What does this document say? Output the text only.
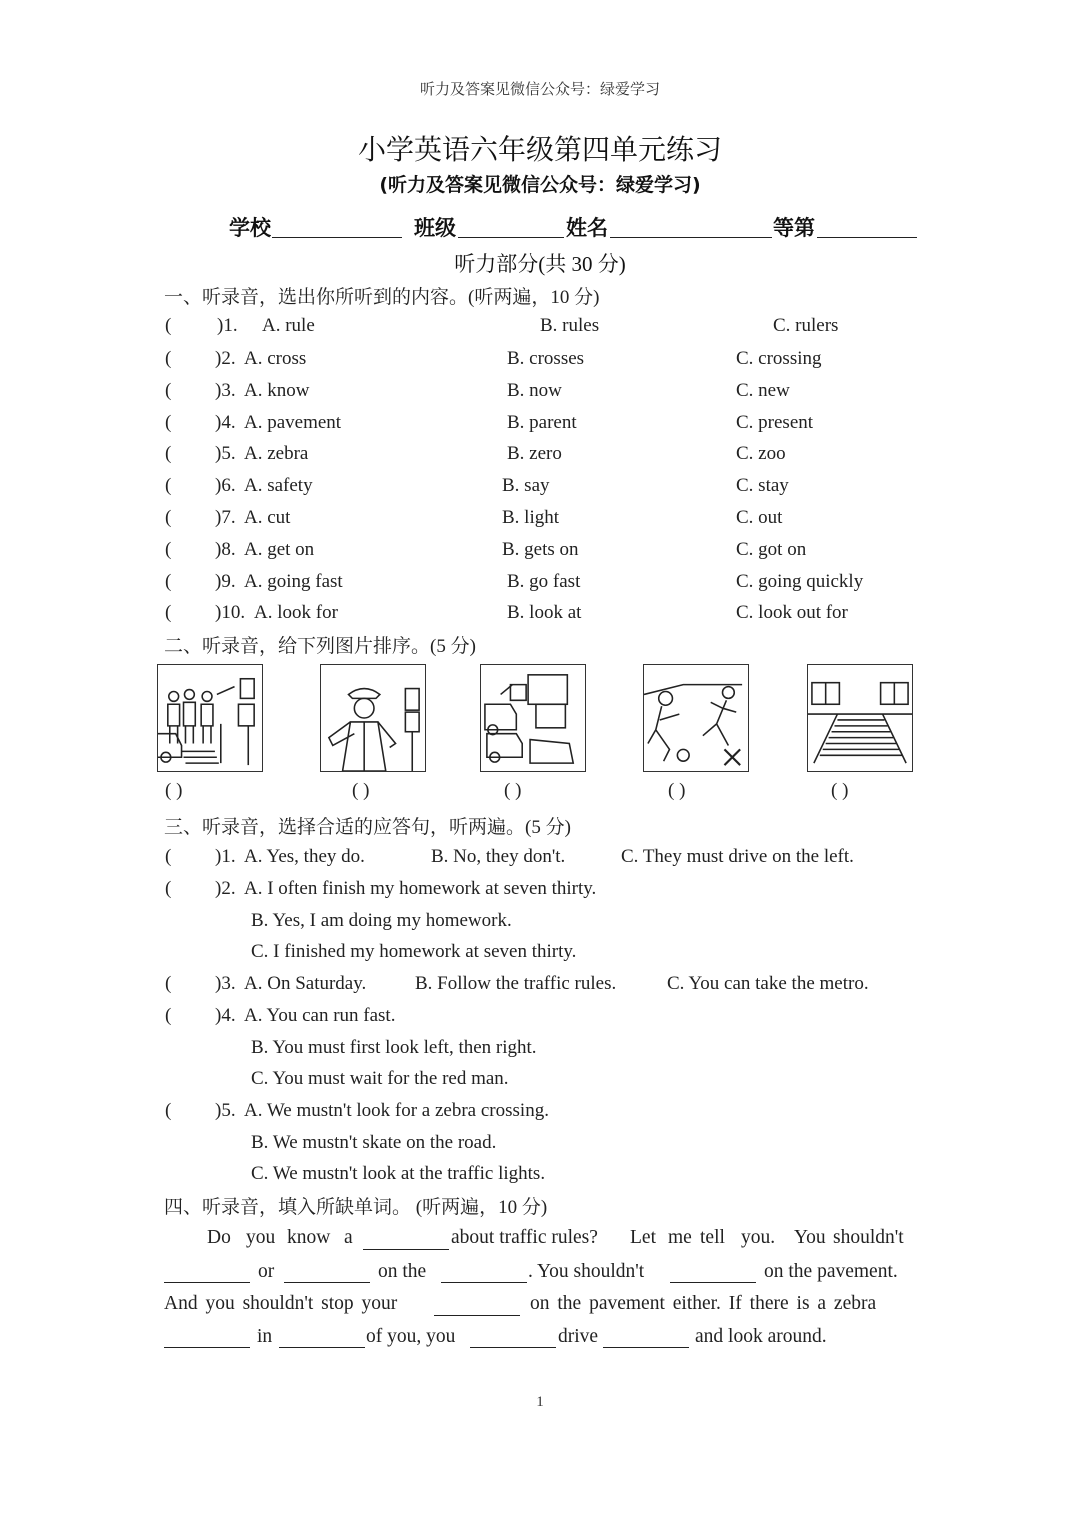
听力及答案见微信公众号：绿爱学习
小学英语六年级第四单元练习
(听力及答案见微信公众号：绿爱学习)
学校	班级	姓名	等第
听力部分(共 30 分)
一、听录音，选出你所听到的内容。(听两遍，10 分)
( )1. A. rule	B. rules	C. rulers
( )2. A. cross	B. crosses	C. crossing
( )3. A. know	B. now	C. new
( )4. A. pavement	B. parent	C. present
( )5. A. zebra	B. zero	C. zoo
( )6. A. safety	B. say	C. stay
( )7. A. cut	B. light	C. out
( )8. A. get on	B. gets on	C. got on
( )9. A. going fast	B. go fast	C. going quickly
( )10. A. look for	B. look at	C. look out for
二、听录音，给下列图片排序。(5 分)
( )	( )	( )	( )	( )
三、听录音，选择合适的应答句，听两遍。(5 分)
( )1. A. Yes, they do.	B. No, they don't.	C. They must drive on the left.
( )2. A. I often finish my homework at seven thirty.
B. Yes, I am doing my homework.
C. I finished my homework at seven thirty.
( )3. A. On Saturday.	B. Follow the traffic rules.	C. You can take the metro.
( )4. A. You can run fast.
B. You must first look left, then right.
C. You must wait for the red man.
( )5. A. We mustn't look for a zebra crossing.
B. We mustn't skate on the road.
C. We mustn't look at the traffic lights.
四、听录音，填入所缺单词。 (听两遍，10 分)
Do you know a	about traffic rules? Let me tell you. You shouldn't
or	on the	. You shouldn't	on the pavement.
And you shouldn't stop your	on the pavement either. If there is a zebra
in	of you, you	drive	and look around.
1
